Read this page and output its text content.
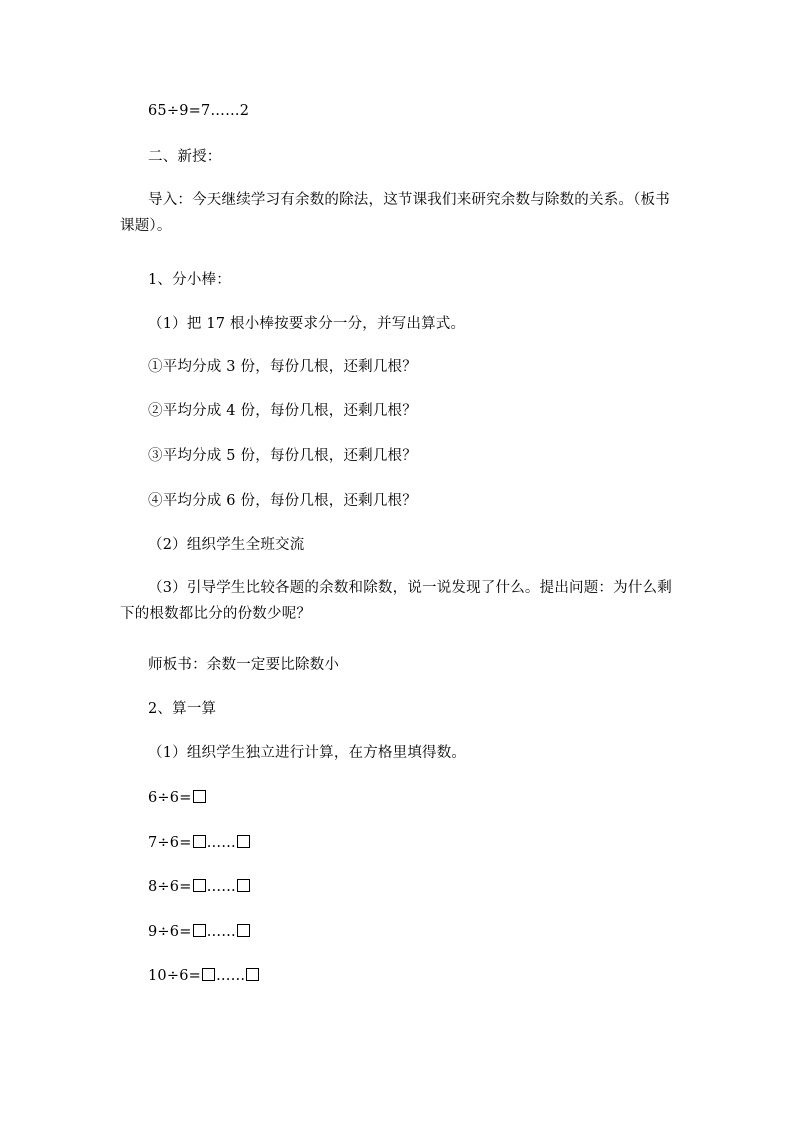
65÷9=7……2
二、新授：
导入：今天继续学习有余数的除法，这节课我们来研究余数与除数的关系。（板书课题）。
1、分小棒：
（1）把 17 根小棒按要求分一分，并写出算式。
①平均分成 3 份，每份几根，还剩几根？
②平均分成 4 份，每份几根，还剩几根？
③平均分成 5 份，每份几根，还剩几根？
④平均分成 6 份，每份几根，还剩几根？
（2）组织学生全班交流
（3）引导学生比较各题的余数和除数，说一说发现了什么。提出问题：为什么剩下的根数都比分的份数少呢？
师板书：余数一定要比除数小
2、算一算
（1）组织学生独立进行计算，在方格里填得数。
6÷6=
7÷6= ……
8÷6= ……
9÷6= ……
10÷6= ……
